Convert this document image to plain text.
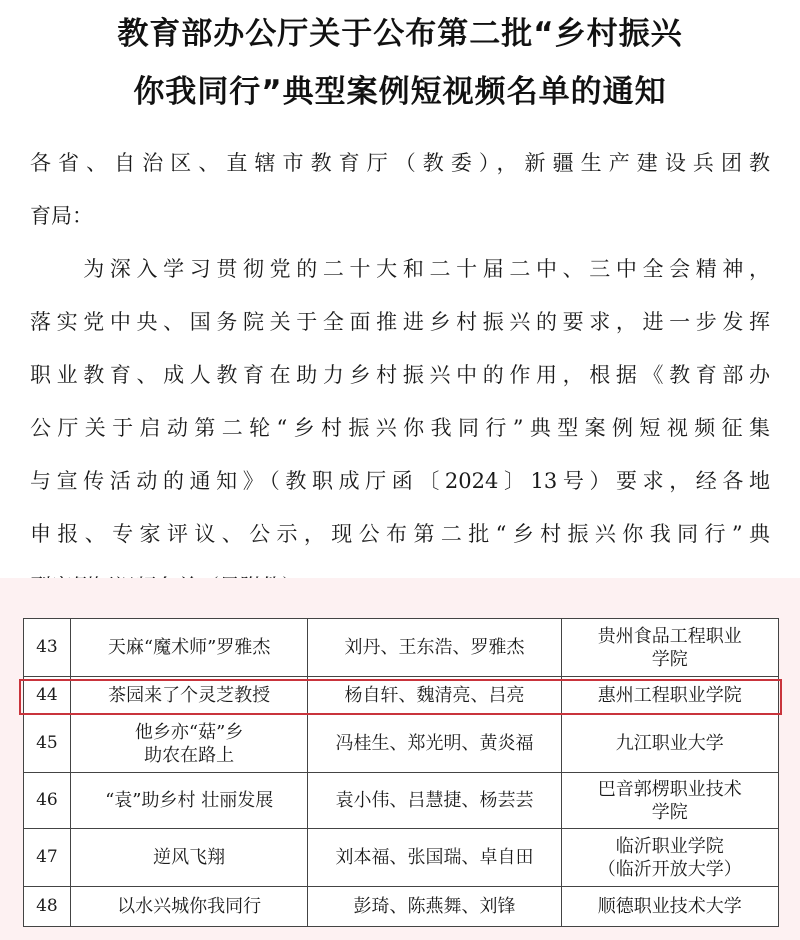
教育部办公厅关于公布第二批“乡村振兴
你我同行”典型案例短视频名单的通知
各省、自治区、直辖市教育厅（教委），新疆生产建设兵团教
育局：
　　为深入学习贯彻党的二十大和二十届二中、三中全会精神，
落实党中央、国务院关于全面推进乡村振兴的要求，进一步发挥
职业教育、成人教育在助力乡村振兴中的作用，根据《教育部办
公厅关于启动第二轮“乡村振兴你我同行”典型案例短视频征集
与宣传活动的通知》（教职成厅函〔2024〕13号）要求，经各地
申报、专家评议、公示，现公布第二批“乡村振兴你我同行”典
43	天麻“魔术师”罗雅杰	刘丹、王东浩、罗雅杰	贵州食品工程职业
学院

44	茶园来了个灵芝教授	杨自轩、魏清亮、吕亮	惠州工程职业学院
45	他乡亦“菇”乡
助农在路上	冯桂生、郑光明、黄炎福	九江职业大学
46	“袁”助乡村 壮丽发展	袁小伟、吕慧捷、杨芸芸	巴音郭楞职业技术
学院

47	逆风飞翔	刘本福、张国瑞、卓自田	临沂职业学院
（临沂开放大学）

48	以水兴城你我同行	彭琦、陈燕舞、刘锋	顺德职业技术大学
